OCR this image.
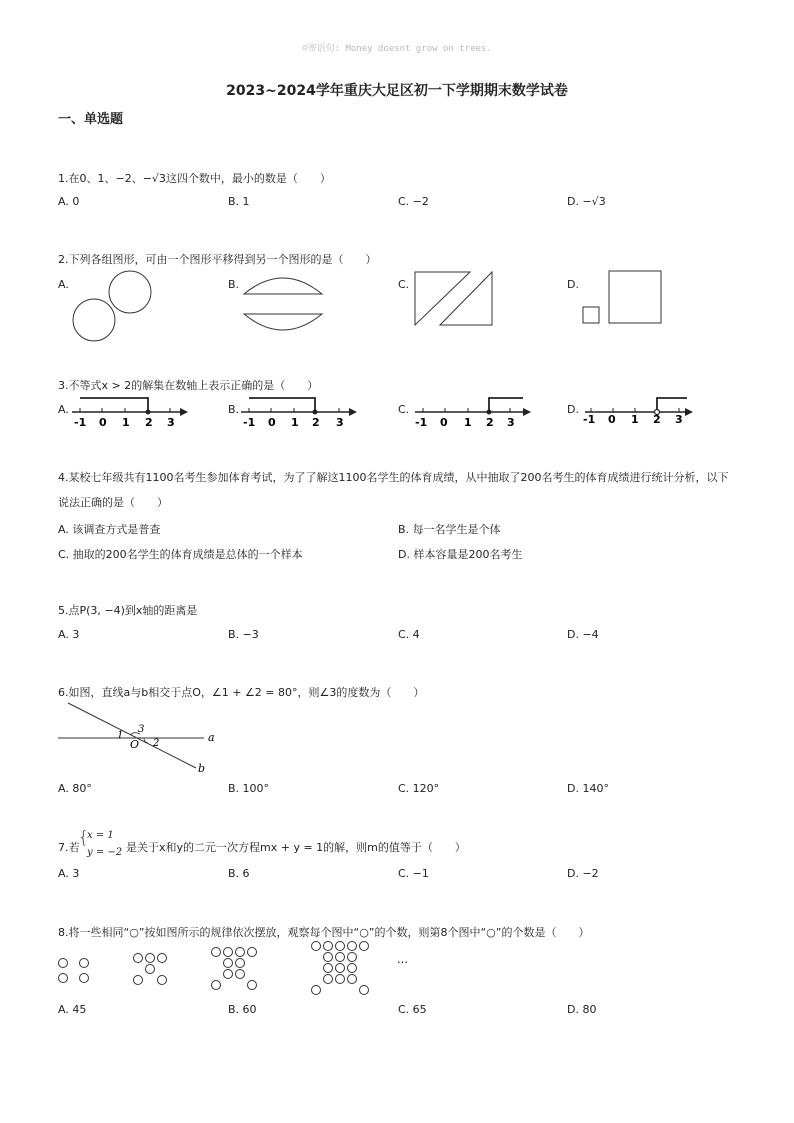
☺寄语句: Money doesnt grow on trees.
2023~2024学年重庆大足区初一下学期期末数学试卷
一、单选题
1.在0、1、−2、−√3这四个数中，最小的数是（　　）
A. 0	B. 1	C. −2	D. −√3
2.下列各组图形，可由一个图形平移得到另一个图形的是（　　）
A.	B.	C.	D.
3.不等式x > 2的解集在数轴上表示正确的是（　　）
A.	B.	C.	D.
-1 0 1 2 3	-1 0 1 2 3	-1 0 1 2 3	-1 0 1 2 3
4.某校七年级共有1100名考生参加体育考试，为了了解这1100名学生的体育成绩，从中抽取了200名考生的体育成绩进行统计分析，以下
说法正确的是（　　）
A. 该调查方式是普查	B. 每一名学生是个体
C. 抽取的200名学生的体育成绩是总体的一个样本	D. 样本容量是200名考生
5.点P(3, −4)到x轴的距离是
A. 3	B. −3	C. 4	D. −4
6.如图，直线a与b相交于点O，∠1 + ∠2 = 80°，则∠3的度数为（　　）
1
3
2
O
a
b
A. 80°	B. 100°	C. 120°	D. 140°
7.若
{
x = 1
y = −2 是关于x和y的二元一次方程mx + y = 1的解，则m的值等于（　　）
A. 3	B. 6	C. −1	D. −2
8.将一些相同“○”按如图所示的规律依次摆放，观察每个图中“○”的个数，则第8个图中“○”的个数是（　　）
…
A. 45	B. 60	C. 65	D. 80
